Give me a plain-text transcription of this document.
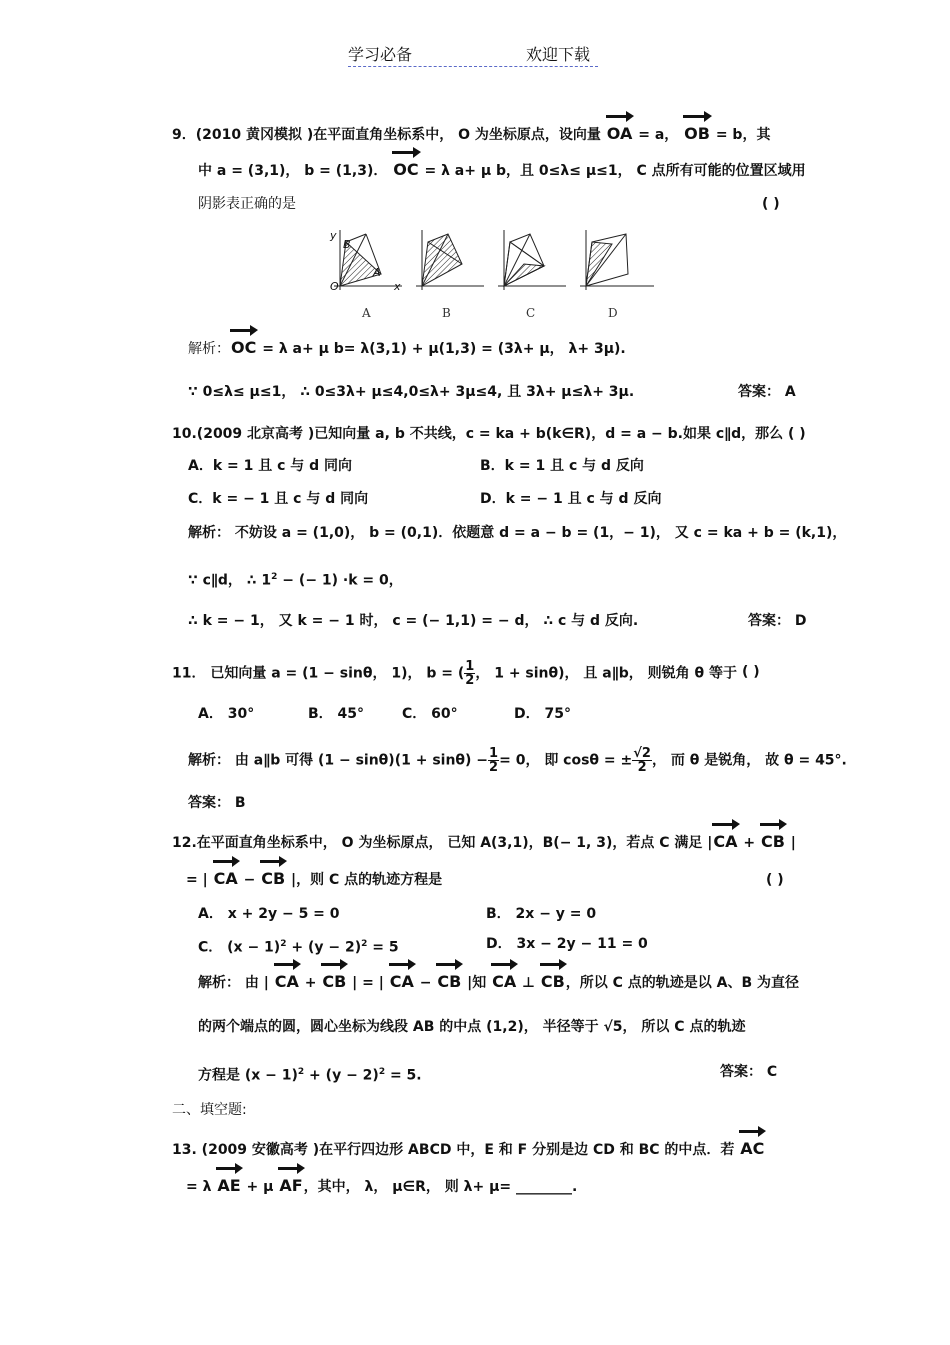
学习必备	欢迎下载
9．(2010 黄冈模拟 )在平面直角坐标系中， O 为坐标原点，设向量 OA = a， OB = b，其
中 a = (3,1)， b = (1,3)． OC = λ a+ μ b，且 0≤λ≤ μ≤1， C 点所有可能的位置区域用
阴影表正确的是	( )
y
O	x
B
A
A	B	C	D
解析：OC = λ a+ μ b= λ(3,1) + μ(1,3) = (3λ+ μ， λ+ 3μ).
∵ 0≤λ≤ μ≤1， ∴ 0≤3λ+ μ≤4,0≤λ+ 3μ≤4, 且 3λ+ μ≤λ+ 3μ.	答案： A
10.(2009 北京高考 )已知向量 a, b 不共线，c = ka + b(k∈R)，d = a − b.如果 c∥d，那么 ( )
A．k = 1 且 c 与 d 同向	B．k = 1 且 c 与 d 反向
C．k = − 1 且 c 与 d 同向	D．k = − 1 且 c 与 d 反向
解析： 不妨设 a = (1,0)， b = (0,1)．依题意 d = a − b = (1，− 1)， 又 c = ka + b = (k,1)，
∵ c∥d， ∴ $1^2$ − (− 1) ·k = 0，
∴ k = − 1， 又 k = − 1 时， c = (− 1,1) = − d， ∴ c 与 d 反向.	答案： D
11． 已知向量 a = (1 − sinθ， 1)， b = ( $\frac{1}{2}$ ， 1 + sinθ)， 且 a∥b， 则锐角 θ 等于 ( )
A． 30°	B． 45°	C． 60°	D． 75°
解析： 由 a∥b 可得 $(1 - \sin\theta)(1 + \sin\theta) - \frac{1}{2} = 0$， 即 cosθ = ± $\frac{√2}{2}$ ， 而 θ 是锐角， 故 θ = 45°.
答案： B
12.在平面直角坐标系中， O 为坐标原点， 已知 A(3,1)，B(− 1, 3)，若点 C 满足 |CA + CB |
= | CA − CB |，则 C 点的轨迹方程是	( )
A． x + 2y − 5 = 0	B． 2x − y = 0
C． $(x - 1)^2 + (y - 2)^2 = 5$	D． 3x − 2y − 11 = 0
解析： 由 | CA + CB | = | CA − CB |知 CA ⊥ CB，所以 C 点的轨迹是以 A、B 为直径
的两个端点的圆，圆心坐标为线段 AB 的中点 (1,2)， 半径等于 √5， 所以 C 点的轨迹
方程是 $(x - 1)^2 + (y - 2)^2 = 5$.	答案： C
二、填空题:
13. (2009 安徽高考 )在平行四边形 ABCD 中，E 和 F 分别是边 CD 和 BC 的中点．若 AC
= λ AE + μ AF，其中， λ， μ∈R， 则 λ+ μ= ________.
